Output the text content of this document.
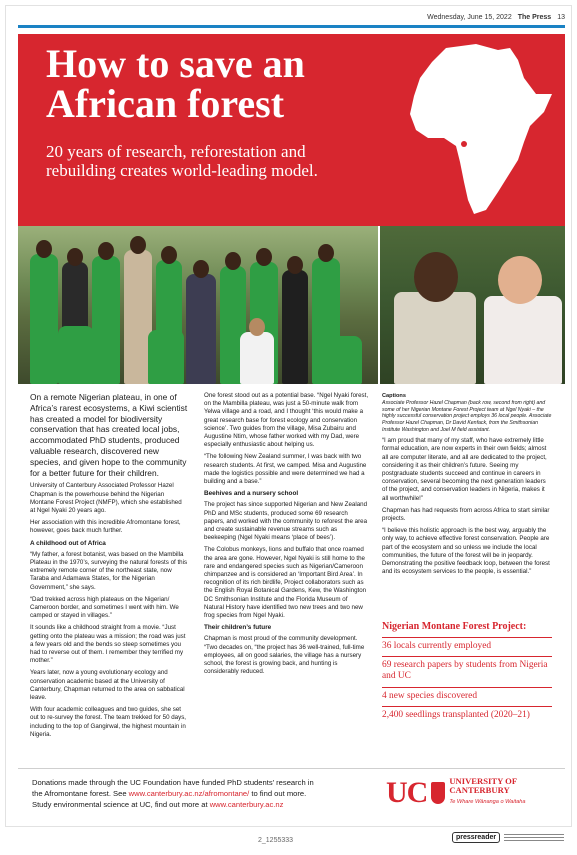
Wednesday, June 15, 2022 The Press 13
How to save an African forest
20 years of research, reforestation and rebuilding creates world-leading model.
Ngel Nyaki

On a remote Nigerian plateau, in one of Africa’s rarest ecosystems, a Kiwi scientist has created a model for biodiversity conservation that has created local jobs, accommodated PhD students, produced valuable research, discovered new species, and given hope to the community for a better future for their children.

University of Canterbury Associated Professor Hazel Chapman is the powerhouse behind the Nigerian Montane Forest Project (NMFP), which she established at Ngel Nyaki 20 years ago.

Her association with this incredible Afromontane forest, however, goes back much further.

A childhood out of Africa

“My father, a forest botanist, was based on the Mambilla Plateau in the 1970’s, surveying the natural forests of this extremely remote corner of the northeast state, now Taraba and Adamawa States, for the Nigerian Government,” she says.

“Dad trekked across high plateaus on the Nigerian/ Cameroon border, and sometimes I went with him. We camped or stayed in villages.”

It sounds like a childhood straight from a movie. “Just getting onto the plateau was a mission; the road was just a few years old and the bends so steep sometimes you had to reverse out of them. I remember they terrified my mother.”

Years later, now a young evolutionary ecology and conservation academic based at the University of Canterbury, Chapman returned to the area on sabbatical leave.

With four academic colleagues and two guides, she set out to re-survey the forest. The team trekked for 50 days, including to the top of Gangirwal, the highest mountain in Nigeria.

One forest stood out as a potential base. “Ngel Nyaki forest, on the Mambilla plateau, was just a 50-minute walk from Yelwa village and a road, and I thought ‘this would make a great research base for forest ecology and conservation science’. Two guides from the village, Misa Zubairu and Augustine Ntim, whose father worked with my Dad, were especially enthusiastic about helping us.

“The following New Zealand summer, I was back with two research students. At first, we camped. Misa and Augustine made the logistics possible and were determined we had a building and a base.”

Beehives and a nursery school

The project has since supported Nigerian and New Zealand PhD and MSc students, produced some 69 research papers, and worked with the community to reforest the area and create sustainable revenue streams such as beekeeping (Ngel Nyaki means ‘place of bees’).

The Colobus monkeys, lions and buffalo that once roamed the area are gone. However, Ngel Nyaki is still home to the rare and endangered species such as Nigerian/Cameroon chimpanzee and is considered an ‘Important Bird Area’. In recognition of its rich birdlife, Project collaborators such as the English Royal Botanical Gardens, Kew, the Washington DC Smithsonian Institute and the Florida Museum of Natural History have identified two new trees and two new frog species from Ngel Nyaki.

Their children’s future

Chapman is most proud of the community development. “Two decades on, “the project has 36 well-trained, full-time employees, all on good salaries, the village has a nursery school, the forest is growing back, and hunting is considerably reduced.

Captions

Associate Professor Hazel Chapman (back row, second from right) and some of her Nigerian Montane Forest Project team at Ngel Nyaki – the highly successful conservation project employs 36 local people. Associate Professor Hazel Chapman, Dr David Kenfack, from the Smithsonian Institute Washington and Joel M field assistant.

“I am proud that many of my staff, who have extremely little formal education, are now experts in their own fields; almost all are computer literate, and all are dedicated to the project, considering it as their children’s future. Seeing my postgraduate students succeed and continue in careers in conservation, several becoming the next generation leaders of the project, and conservation leaders in Nigeria, makes it all worthwhile!”

Chapman has had requests from across Africa to start similar projects.

“I believe this holistic approach is the best way, arguably the only way, to achieve effective forest conservation. People are part of the ecosystem and so unless we include the local communities, the future of the forest will be in jeopardy. Demonstrating the positive feedback loop, between the forest and its ecosystem services to the people, is essential.”

Nigerian Montane Forest Project:
36 locals currently employed
69 research papers by students from Nigeria and UC
4 new species discovered
2,400 seedlings transplanted (2020–21)
Donations made through the UC Foundation have funded PhD students’ research in
the Afromontane forest. See www.canterbury.ac.nz/afromontane/ to find out more.
Study environmental science at UC, find out more at www.canterbury.ac.nz	UC	UNIVERSITY OF
CANTERBURY
Te Whare Wānanga o Waitaha
2_1255333	pressreader
